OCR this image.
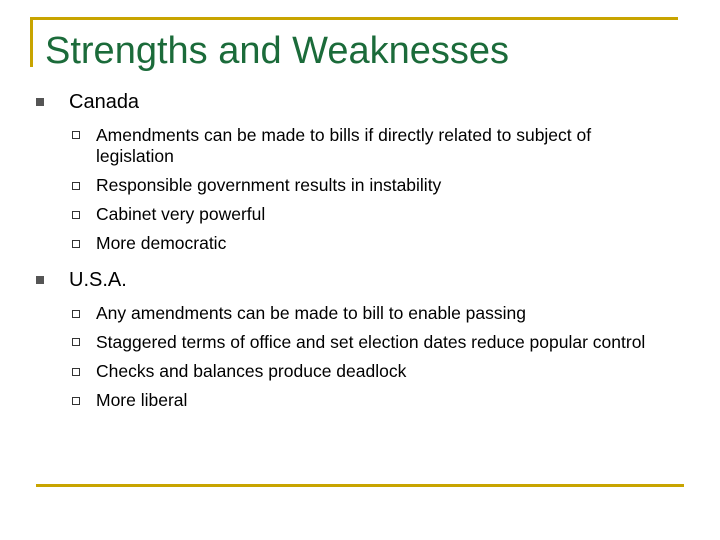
Strengths and Weaknesses

Canada

Amendments can be made to bills if directly related to subject of legislation

Responsible government results in instability

Cabinet very powerful

More democratic

U.S.A.

Any amendments can be made to bill to enable passing

Staggered terms of office and set election dates reduce popular control

Checks and balances produce deadlock

More liberal
